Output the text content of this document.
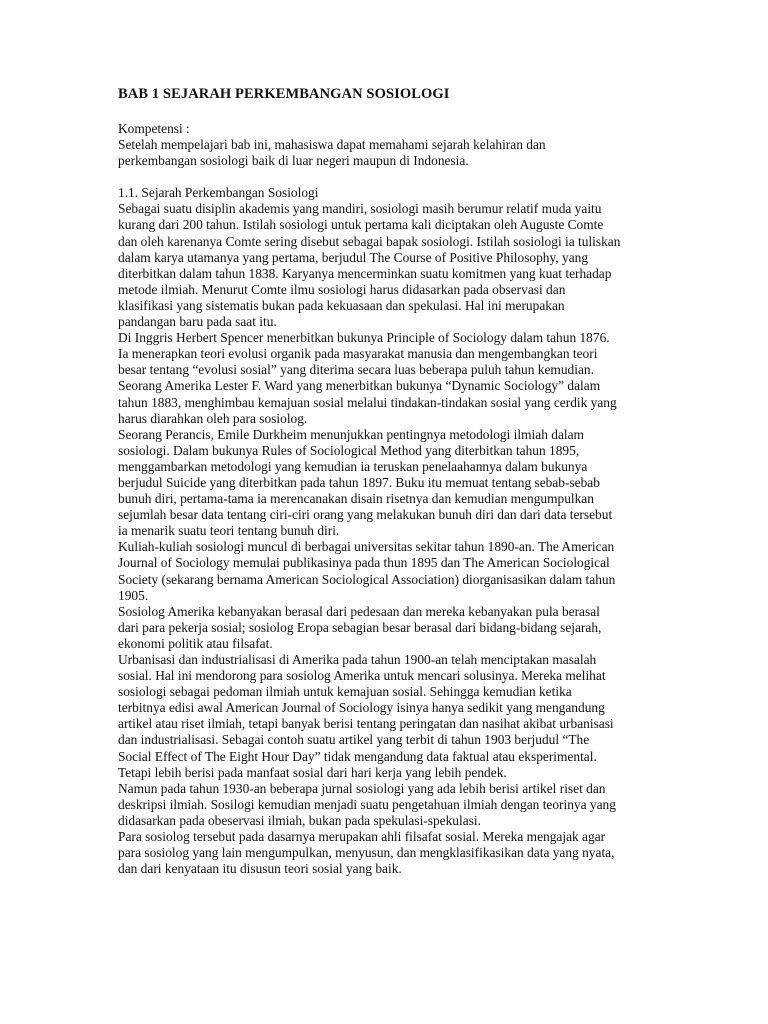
BAB 1 SEJARAH PERKEMBANGAN SOSIOLOGI
Kompetensi :
Setelah mempelajari bab ini, mahasiswa dapat memahami sejarah kelahiran dan
perkembangan sosiologi baik di luar negeri maupun di Indonesia.
1.1. Sejarah Perkembangan Sosiologi
Sebagai suatu disiplin akademis yang mandiri, sosiologi masih berumur relatif muda yaitu
kurang dari 200 tahun. Istilah sosiologi untuk pertama kali diciptakan oleh Auguste Comte
dan oleh karenanya Comte sering disebut sebagai bapak sosiologi. Istilah sosiologi ia tuliskan
dalam karya utamanya yang pertama, berjudul The Course of Positive Philosophy, yang
diterbitkan dalam tahun 1838. Karyanya mencerminkan suatu komitmen yang kuat terhadap
metode ilmiah. Menurut Comte ilmu sosiologi harus didasarkan pada observasi dan
klasifikasi yang sistematis bukan pada kekuasaan dan spekulasi. Hal ini merupakan
pandangan baru pada saat itu.
Di Inggris Herbert Spencer menerbitkan bukunya Principle of Sociology dalam tahun 1876.
Ia menerapkan teori evolusi organik pada masyarakat manusia dan mengembangkan teori
besar tentang “evolusi sosial” yang diterima secara luas beberapa puluh tahun kemudian.
Seorang Amerika Lester F. Ward yang menerbitkan bukunya “Dynamic Sociology” dalam
tahun 1883, menghimbau kemajuan sosial melalui tindakan-tindakan sosial yang cerdik yang
harus diarahkan oleh para sosiolog.
Seorang Perancis, Emile Durkheim menunjukkan pentingnya metodologi ilmiah dalam
sosiologi. Dalam bukunya Rules of Sociological Method yang diterbitkan tahun 1895,
menggambarkan metodologi yang kemudian ia teruskan penelaahannya dalam bukunya
berjudul Suicide yang diterbitkan pada tahun 1897. Buku itu memuat tentang sebab-sebab
bunuh diri, pertama-tama ia merencanakan disain risetnya dan kemudian mengumpulkan
sejumlah besar data tentang ciri-ciri orang yang melakukan bunuh diri dan dari data tersebut
ia menarik suatu teori tentang bunuh diri.
Kuliah-kuliah sosiologi muncul di berbagai universitas sekitar tahun 1890-an. The American
Journal of Sociology memulai publikasinya pada thun 1895 dan The American Sociological
Society (sekarang bernama American Sociological Association) diorganisasikan dalam tahun
1905.
Sosiolog Amerika kebanyakan berasal dari pedesaan dan mereka kebanyakan pula berasal
dari para pekerja sosial; sosiolog Eropa sebagian besar berasal dari bidang-bidang sejarah,
ekonomi politik atau filsafat.
Urbanisasi dan industrialisasi di Amerika pada tahun 1900-an telah menciptakan masalah
sosial. Hal ini mendorong para sosiolog Amerika untuk mencari solusinya. Mereka melihat
sosiologi sebagai pedoman ilmiah untuk kemajuan sosial. Sehingga kemudian ketika
terbitnya edisi awal American Journal of Sociology isinya hanya sedikit yang mengandung
artikel atau riset ilmiah, tetapi banyak berisi tentang peringatan dan nasihat akibat urbanisasi
dan industrialisasi. Sebagai contoh suatu artikel yang terbit di tahun 1903 berjudul “The
Social Effect of The Eight Hour Day” tidak mengandung data faktual atau eksperimental.
Tetapi lebih berisi pada manfaat sosial dari hari kerja yang lebih pendek.
Namun pada tahun 1930-an beberapa jurnal sosiologi yang ada lebih berisi artikel riset dan
deskripsi ilmiah. Sosilogi kemudian menjadi suatu pengetahuan ilmiah dengan teorinya yang
didasarkan pada obeservasi ilmiah, bukan pada spekulasi-spekulasi.
Para sosiolog tersebut pada dasarnya merupakan ahli filsafat sosial. Mereka mengajak agar
para sosiolog yang lain mengumpulkan, menyusun, dan mengklasifikasikan data yang nyata,
dan dari kenyataan itu disusun teori sosial yang baik.
